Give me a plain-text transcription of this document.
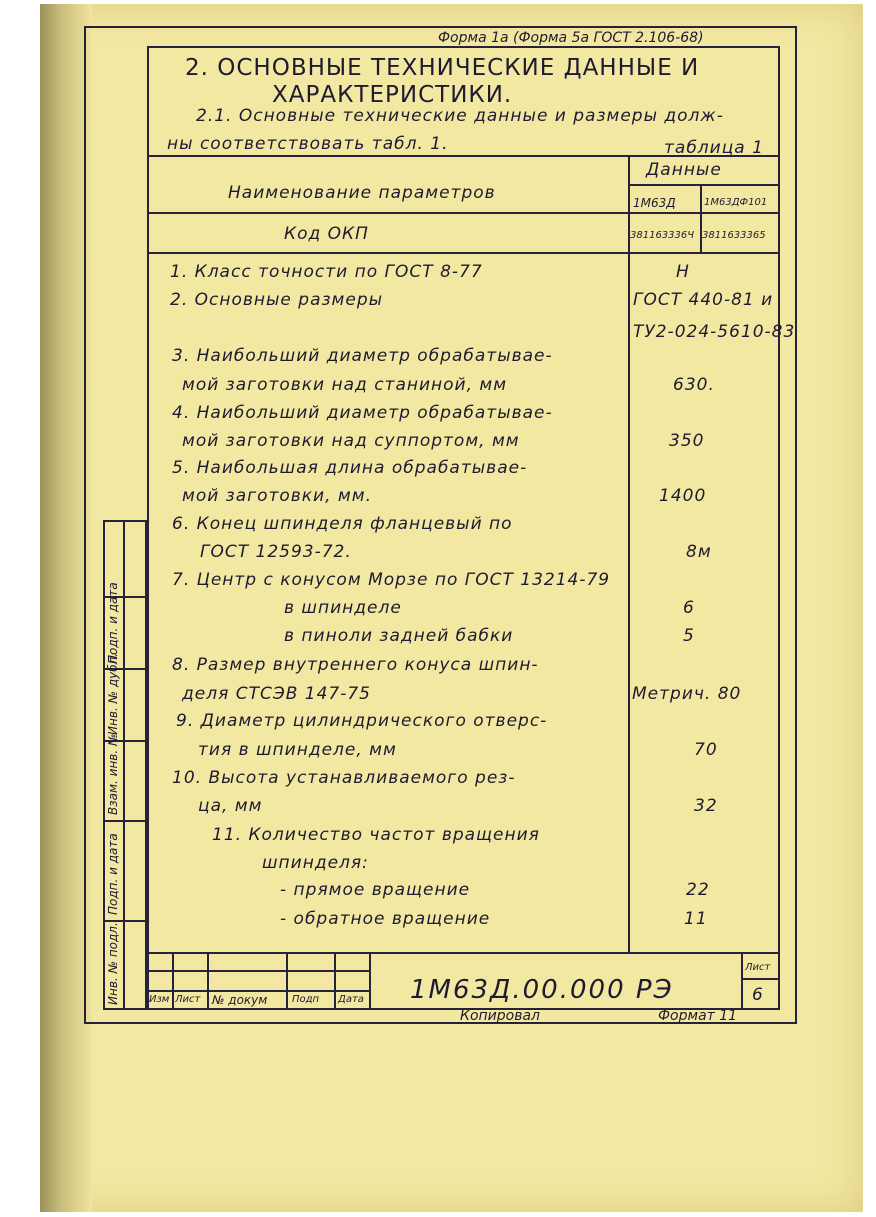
Форма 1а (Форма 5а ГОСТ 2.106-68)
2. ОСНОВНЫЕ ТЕХНИЧЕСКИЕ ДАННЫЕ И
ХАРАКТЕРИСТИКИ.
2.1. Основные технические данные и размеры долж-
ны соответствовать табл. 1.	таблица 1
Наименование параметров
Данные
1М63Д	1М63ДФ101
Код ОКП	381163336Ч 3811633365
1. Класс точности по ГОСТ 8-77	Н
2. Основные размеры	ГОСТ 440-81 и
ТУ2-024-5610-83
3. Наибольший диаметр обрабатывае-
мой заготовки над станиной, мм	630.
4. Наибольший диаметр обрабатывае-
мой заготовки над суппортом, мм	350
5. Наибольшая длина обрабатывае-
мой заготовки, мм.	1400
6. Конец шпинделя фланцевый по
ГОСТ 12593-72.	8м
7. Центр с конусом Морзе по ГОСТ 13214-79
в шпинделе	6
в пиноли задней бабки	5
8. Размер внутреннего конуса шпин-
деля СТСЭВ 147-75	Метрич. 80
9. Диаметр цилиндрического отверс-
тия в шпинделе, мм	70
10. Высота устанавливаемого рез-
ца, мм	32
11. Количество частот вращения
шпинделя:
- прямое вращение	22
- обратное вращение	11
Инв. № подл.
Подп. и дата
Взам. инв. №
Инв. № дубл.
Подп. и дата
Изм Лист № докум Подп Дата 1М63Д.00.000 РЭ
Лист
6
Копировал	Формат 11
